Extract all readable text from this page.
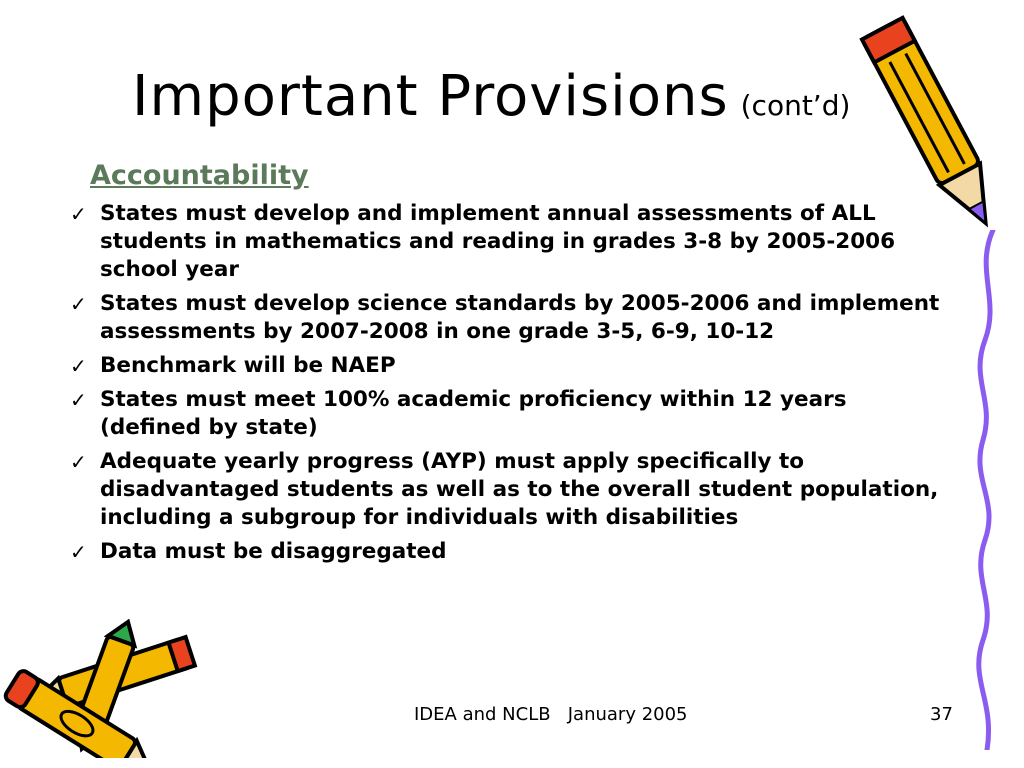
Important Provisions (cont’d)
Accountability
✓ States must develop and implement annual assessments of ALL students in mathematics and reading in grades 3-8 by 2005-2006 school year
✓ States must develop science standards by 2005-2006 and implement assessments by 2007-2008 in one grade 3-5, 6-9, 10-12
✓ Benchmark will be NAEP
✓ States must meet 100% academic proficiency within 12 years (defined by state)
✓ Adequate yearly progress (AYP) must apply specifically to disadvantaged students as well as to the overall student population, including a subgroup for individuals with disabilities
✓ Data must be disaggregated
IDEA and NCLB   January 2005	37
